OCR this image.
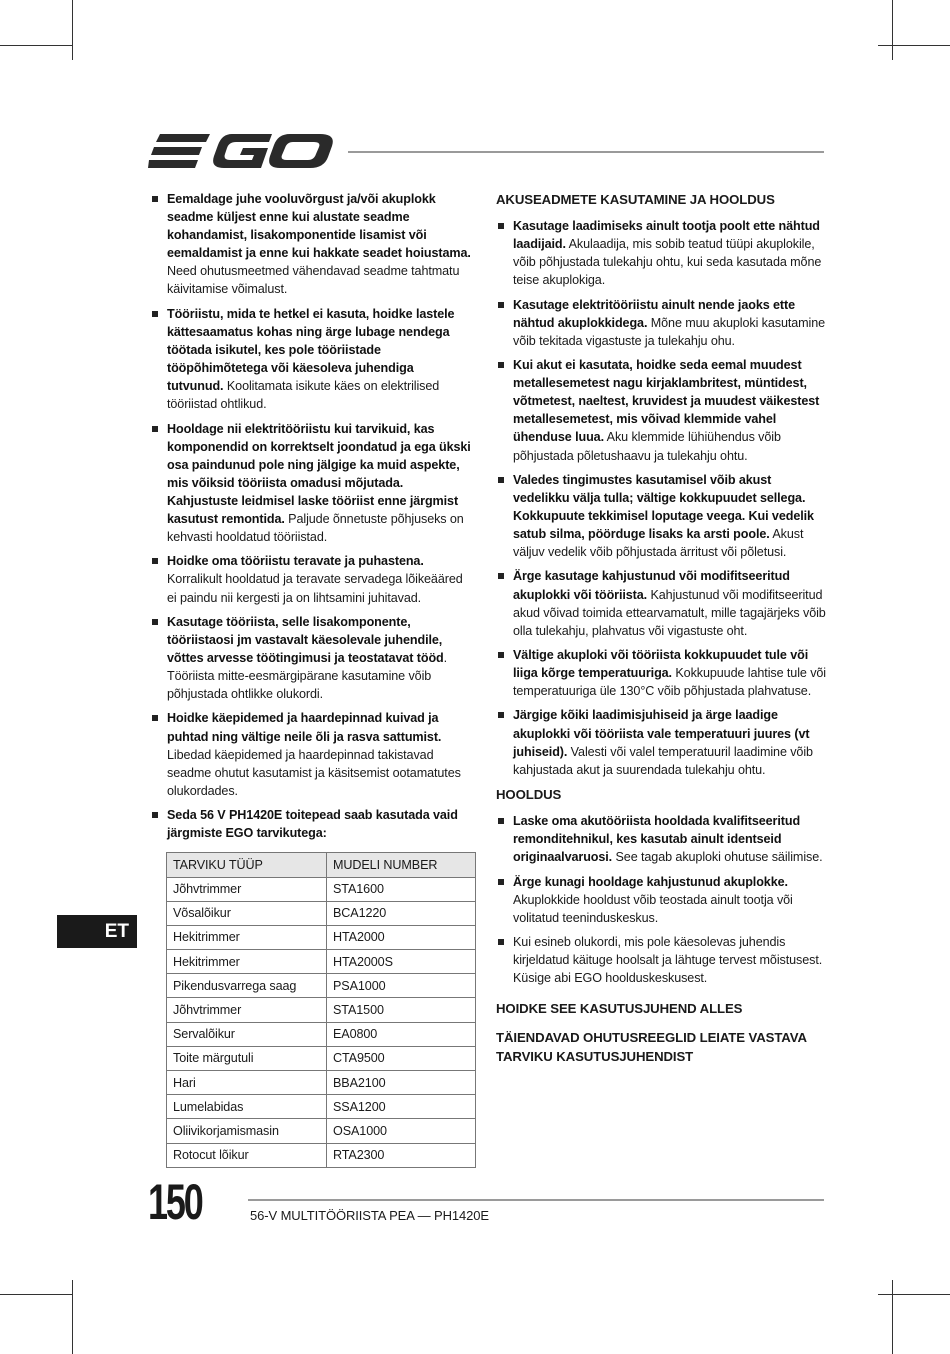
EGO
Eemaldage juhe vooluvõrgust ja/või akuplokk seadme küljest enne kui alustate seadme kohandamist, lisakomponentide lisamist või eemaldamist ja enne kui hakkate seadet hoiustama. Need ohutusmeetmed vähendavad seadme tahtmatu käivitamise võimalust.
Tööriistu, mida te hetkel ei kasuta, hoidke lastele kättesaamatus kohas ning ärge lubage nendega töötada isikutel, kes pole tööriistade tööpõhimõtetega või käesoleva juhendiga tutvunud. Koolitamata isikute käes on elektrilised tööriistad ohtlikud.
Hooldage nii elektritööriistu kui tarvikuid, kas komponendid on korrektselt joondatud ja ega ükski osa paindunud pole ning jälgige ka muid aspekte, mis võiksid tööriista omadusi mõjutada. Kahjustuste leidmisel laske tööriist enne järgmist kasutust remontida. Paljude õnnetuste põhjuseks on kehvasti hooldatud tööriistad.
Hoidke oma tööriistu teravate ja puhastena. Korralikult hooldatud ja teravate servadega lõikeääred ei paindu nii kergesti ja on lihtsamini juhitavad.
Kasutage tööriista, selle lisakomponente, tööriistaosi jm vastavalt käesolevale juhendile, võttes arvesse töötingimusi ja teostatavat tööd. Tööriista mitte-eesmärgipärane kasutamine võib põhjustada ohtlikke olukordi.
Hoidke käepidemed ja haardepinnad kuivad ja puhtad ning vältige neile õli ja rasva sattumist. Libedad käepidemed ja haardepinnad takistavad seadme ohutut kasutamist ja käsitsemist ootamatutes olukordades.
Seda 56 V PH1420E toitepead saab kasutada vaid järgmiste EGO tarvikutega:
TARVIKU TÜÜP	MUDELI NUMBER
Jõhvtrimmer	STA1600
Võsalõikur	BCA1220
Hekitrimmer	HTA2000
Hekitrimmer	HTA2000S
Pikendusvarrega saag	PSA1000
Jõhvtrimmer	STA1500
Servalõikur	EA0800
Toite märgutuli	CTA9500
Hari	BBA2100
Lumelabidas	SSA1200
Oliivikorjamismasin	OSA1000
Rotocut lõikur	RTA2300
AKUSEADMETE KASUTAMINE JA HOOLDUS
Kasutage laadimiseks ainult tootja poolt ette nähtud laadijaid. Akulaadija, mis sobib teatud tüüpi akuplokile, võib põhjustada tulekahju ohtu, kui seda kasutada mõne teise akuplokiga.
Kasutage elektritööriistu ainult nende jaoks ette nähtud akuplokkidega. Mõne muu akuploki kasutamine võib tekitada vigastuste ja tulekahju ohu.
Kui akut ei kasutata, hoidke seda eemal muudest metallesemetest nagu kirjaklambritest, müntidest, võtmetest, naeltest, kruvidest ja muudest väikestest metallesemetest, mis võivad klemmide vahel ühenduse luua. Aku klemmide lühiühendus võib põhjustada põletushaavu ja tulekahju ohtu.
Valedes tingimustes kasutamisel võib akust vedelikku välja tulla; vältige kokkupuudet sellega. Kokkupuute tekkimisel loputage veega. Kui vedelik satub silma, pöörduge lisaks ka arsti poole. Akust väljuv vedelik võib põhjustada ärritust või põletusi.
Ärge kasutage kahjustunud või modifitseeritud akuplokki või tööriista. Kahjustunud või modifitseeritud akud võivad toimida ettearvamatult, mille tagajärjeks võib olla tulekahju, plahvatus või vigastuste oht.
Vältige akuploki või tööriista kokkupuudet tule või liiga kõrge temperatuuriga. Kokkupuude lahtise tule või temperatuuriga üle 130°C võib põhjustada plahvatuse.
Järgige kõiki laadimisjuhiseid ja ärge laadige akuplokki või tööriista vale temperatuuri juures (vt juhiseid). Valesti või valel temperatuuril laadimine võib kahjustada akut ja suurendada tulekahju ohtu.
HOOLDUS
Laske oma akutööriista hooldada kvalifitseeritud remonditehnikul, kes kasutab ainult identseid originaalvaruosi. See tagab akuploki ohutuse säilimise.
Ärge kunagi hooldage kahjustunud akuplokke. Akuplokkide hooldust võib teostada ainult tootja või volitatud teeninduskeskus.
Kui esineb olukordi, mis pole käesolevas juhendis kirjeldatud käituge hoolsalt ja lähtuge tervest mõistusest. Küsige abi EGO hoolduskeskusest.
HOIDKE SEE KASUTUSJUHEND ALLES
TÄIENDAVAD OHUTUSREEGLID LEIATE VASTAVA TARVIKU KASUTUSJUHENDIST
ET
150	56-V MULTITÖÖRIISTA PEA — PH1420E
